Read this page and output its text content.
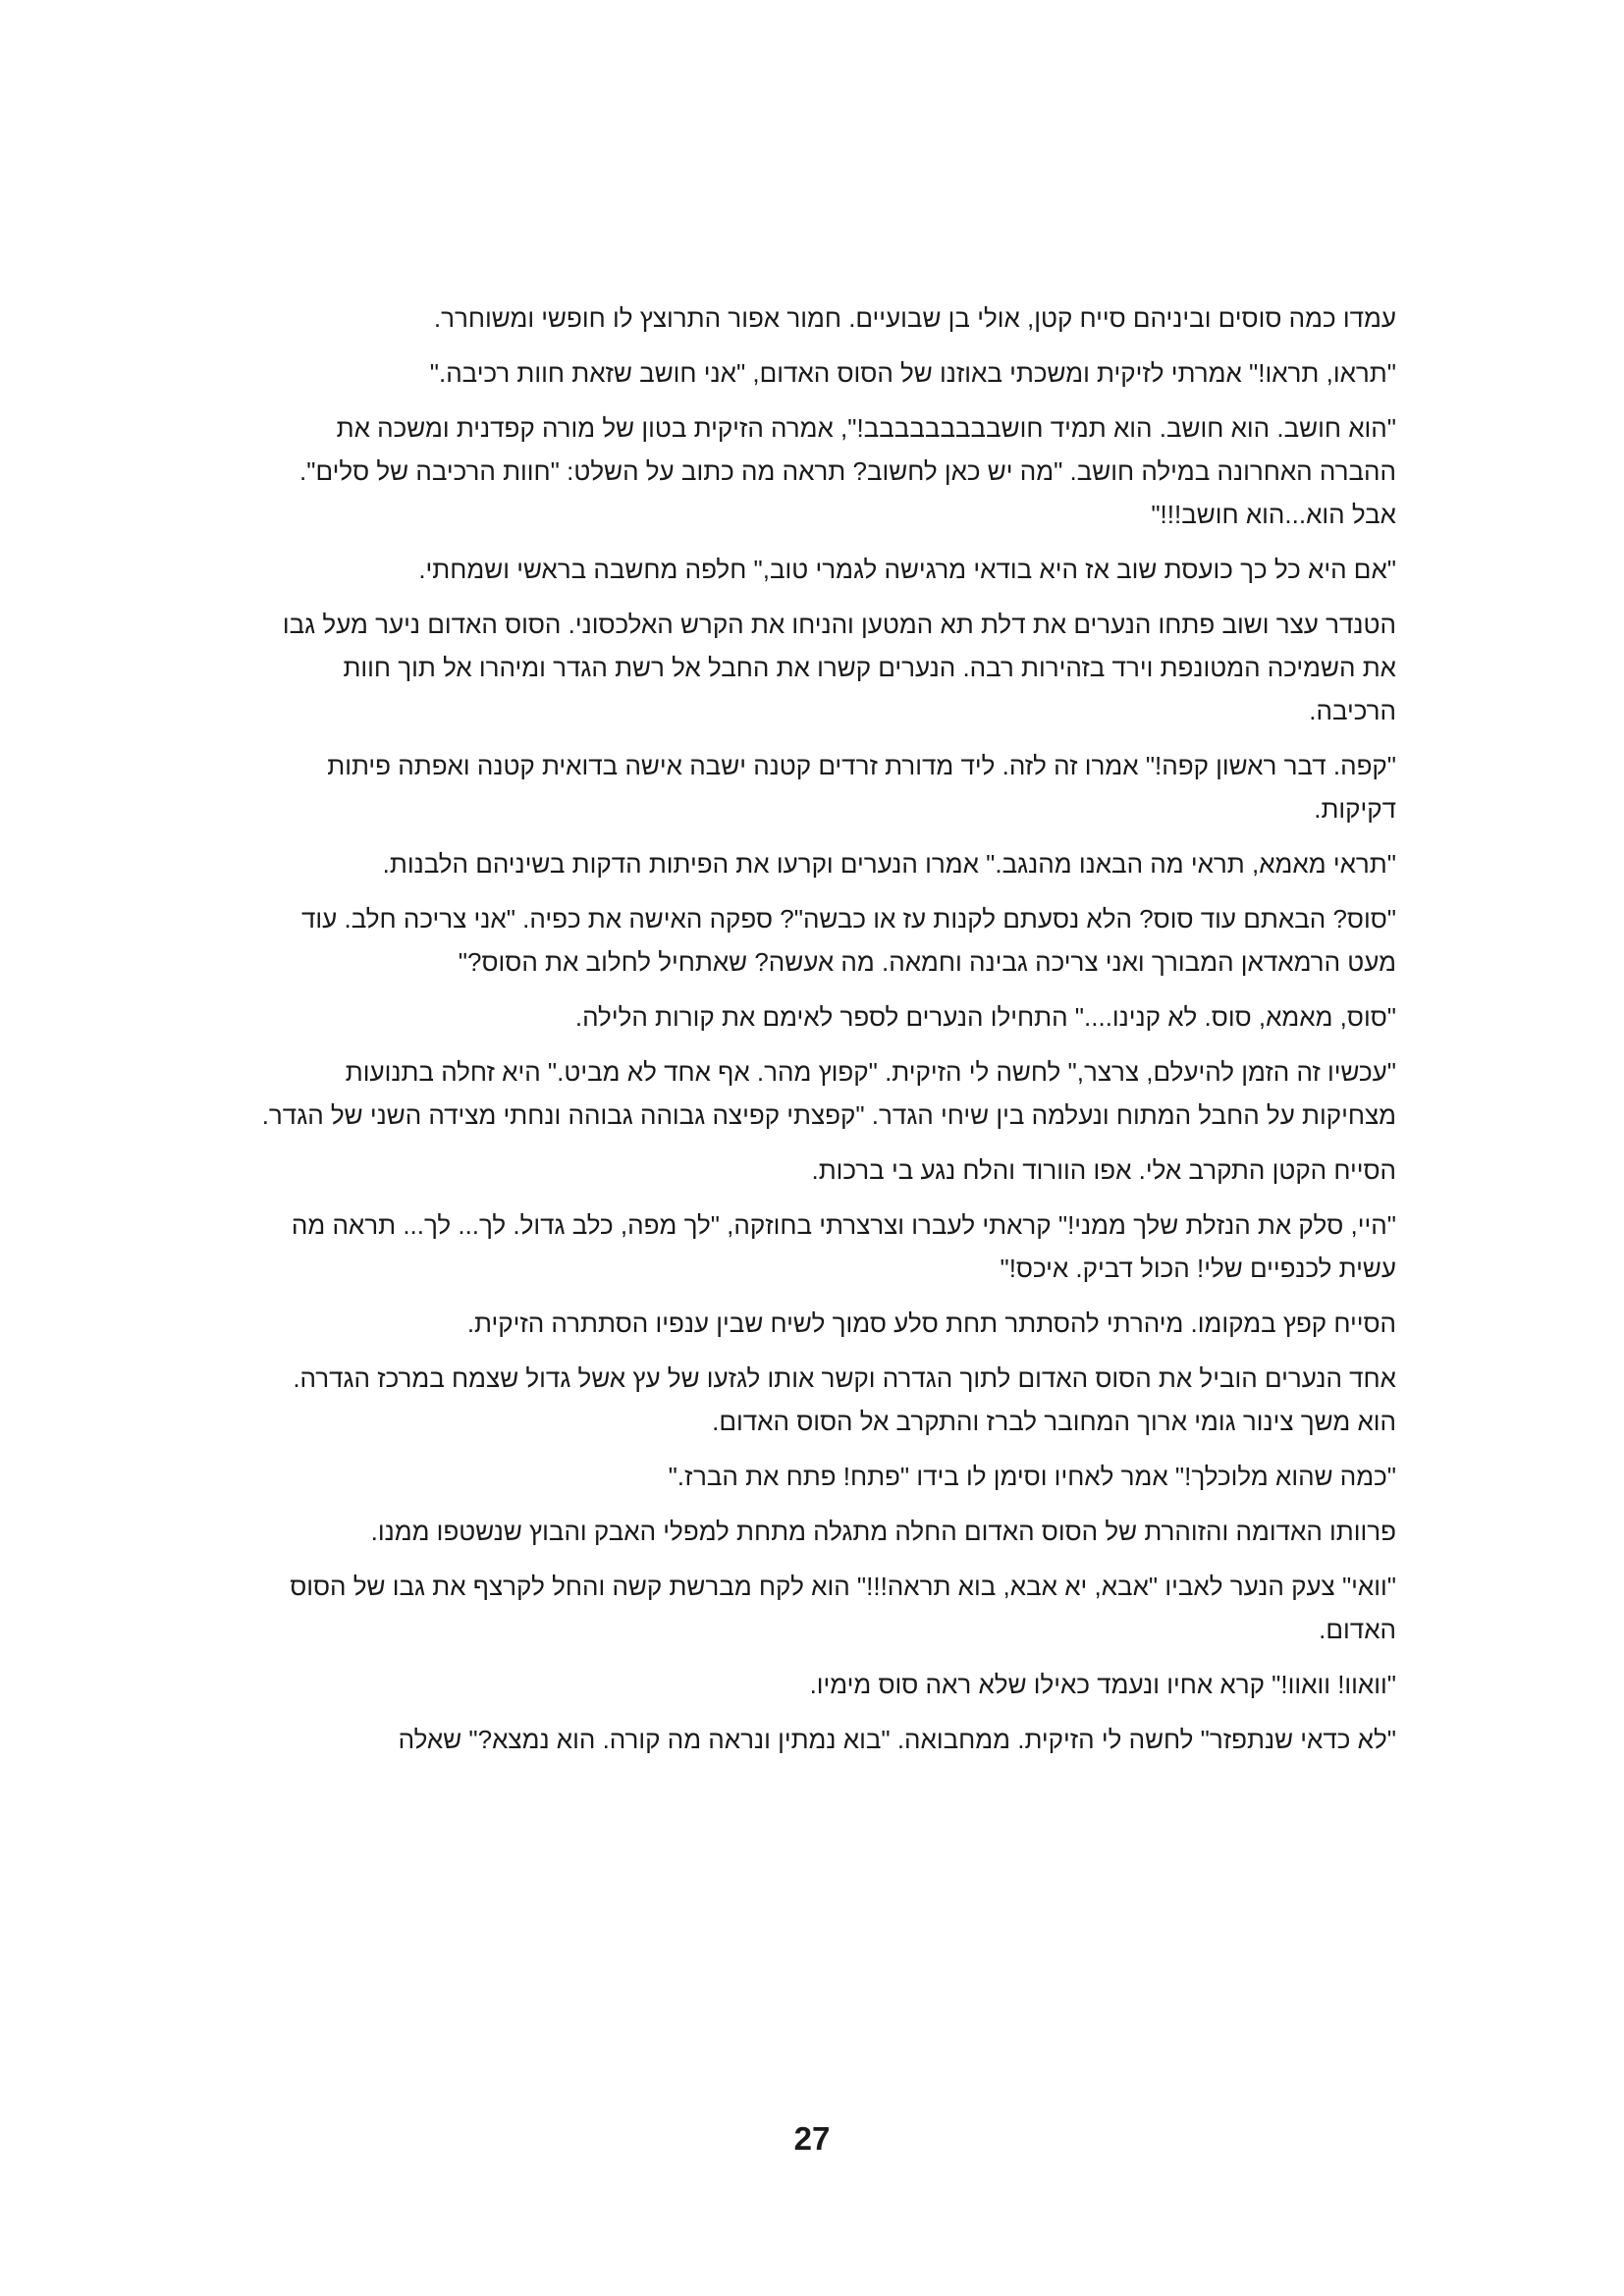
עמדו כמה סוסים וביניהם סייח קטן, אולי בן שבועיים. חמור אפור התרוצץ לו חופשי ומשוחרר.

"תראו, תראו!" אמרתי לזיקית ומשכתי באוזנו של הסוס האדום, "אני חושב שזאת חוות רכיבה."

"הוא חושב. הוא חושב. הוא תמיד חושבבבבבבבבב!", אמרה הזיקית בטון של מורה קפדנית ומשכה את ההברה האחרונה במילה חושב. "מה יש כאן לחשוב? תראה מה כתוב על השלט: "חוות הרכיבה של סלים". אבל הוא...הוא חושב!!!"

"אם היא כל כך כועסת שוב אז היא בודאי מרגישה לגמרי טוב," חלפה מחשבה בראשי ושמחתי.

הטנדר עצר ושוב פתחו הנערים את דלת תא המטען והניחו את הקרש האלכסוני. הסוס האדום ניער מעל גבו את השמיכה המטונפת וירד בזהירות רבה. הנערים קשרו את החבל אל רשת הגדר ומיהרו אל תוך חוות הרכיבה.

"קפה. דבר ראשון קפה!" אמרו זה לזה. ליד מדורת זרדים קטנה ישבה אישה בדואית קטנה ואפתה פיתות דקיקות.

"תראי מאמא, תראי מה הבאנו מהנגב." אמרו הנערים וקרעו את הפיתות הדקות בשיניהם הלבנות.

"סוס? הבאתם עוד סוס? הלא נסעתם לקנות עז או כבשה"? ספקה האישה את כפיה. "אני צריכה חלב. עוד מעט הרמאדאן המבורך ואני צריכה גבינה וחמאה. מה אעשה? שאתחיל לחלוב את הסוס?"

"סוס, מאמא, סוס. לא קנינו...." התחילו הנערים לספר לאימם את קורות הלילה.

"עכשיו זה הזמן להיעלם, צרצר," לחשה לי הזיקית. "קפוץ מהר. אף אחד לא מביט." היא זחלה בתנועות מצחיקות על החבל המתוח ונעלמה בין שיחי הגדר. "קפצתי קפיצה גבוהה גבוהה ונחתי מצידה השני של הגדר.

הסייח הקטן התקרב אלי. אפו הוורוד והלח נגע בי ברכות.

"היי, סלק את הנזלת שלך ממני!" קראתי לעברו וצרצרתי בחוזקה, "לך מפה, כלב גדול. לך... לך... תראה מה עשית לכנפיים שלי! הכול דביק. איכס!"

הסייח קפץ במקומו. מיהרתי להסתתר תחת סלע סמוך לשיח שבין ענפיו הסתתרה הזיקית.

אחד הנערים הוביל את הסוס האדום לתוך הגדרה וקשר אותו לגזעו של עץ אשל גדול שצמח במרכז הגדרה. הוא משך צינור גומי ארוך המחובר לברז והתקרב אל הסוס האדום.

"כמה שהוא מלוכלך!" אמר לאחיו וסימן לו בידו "פתח! פתח את הברז."

פרוותו האדומה והזוהרת של הסוס האדום החלה מתגלה מתחת למפלי האבק והבוץ שנשטפו ממנו.

"וואי" צעק הנער לאביו "אבא, יא אבא, בוא תראה!!!" הוא לקח מברשת קשה והחל לקרצף את גבו של הסוס האדום.

"וואוו! וואוו!" קרא אחיו ונעמד כאילו שלא ראה סוס מימיו.

"לא כדאי שנתפזר" לחשה לי הזיקית. ממחבואה. "בוא נמתין ונראה מה קורה. הוא נמצא?" שאלה

27
